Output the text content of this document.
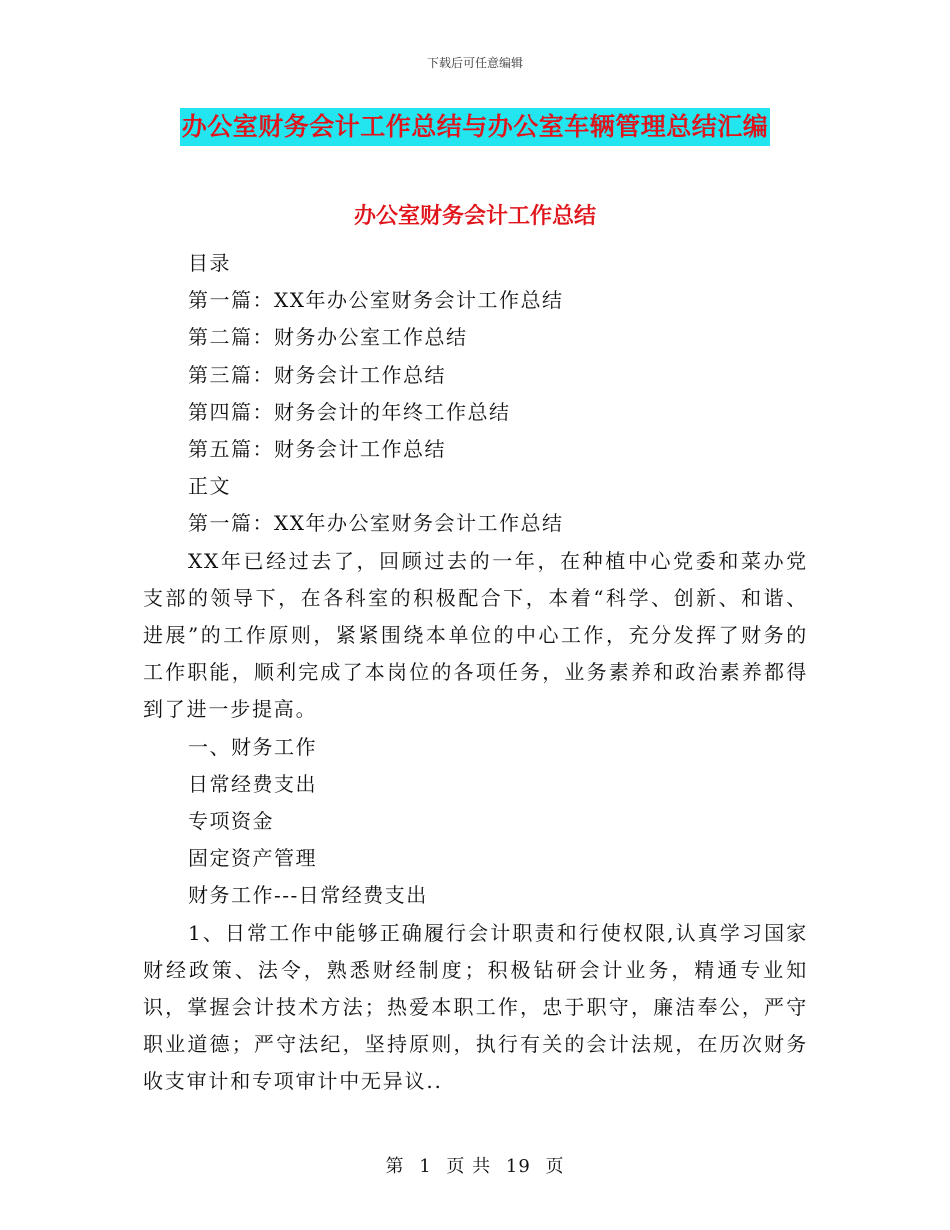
下载后可任意编辑
办公室财务会计工作总结与办公室车辆管理总结汇编
办公室财务会计工作总结
目录
第一篇：XX年办公室财务会计工作总结
第二篇：财务办公室工作总结
第三篇：财务会计工作总结
第四篇：财务会计的年终工作总结
第五篇：财务会计工作总结
正文
第一篇：XX年办公室财务会计工作总结
XX年已经过去了，回顾过去的一年，在种植中心党委和菜办党支部的领导下，在各科室的积极配合下，本着“科学、创新、和谐、进展”的工作原则，紧紧围绕本单位的中心工作，充分发挥了财务的工作职能，顺利完成了本岗位的各项任务，业务素养和政治素养都得到了进一步提高。
一、财务工作
日常经费支出
专项资金
固定资产管理
财务工作---日常经费支出
1、日常工作中能够正确履行会计职责和行使权限,认真学习国家财经政策、法令，熟悉财经制度；积极钻研会计业务，精通专业知识，掌握会计技术方法；热爱本职工作，忠于职守，廉洁奉公，严守职业道德；严守法纪，坚持原则，执行有关的会计法规，在历次财务收支审计和专项审计中无异议..
第 1 页 共 19 页
